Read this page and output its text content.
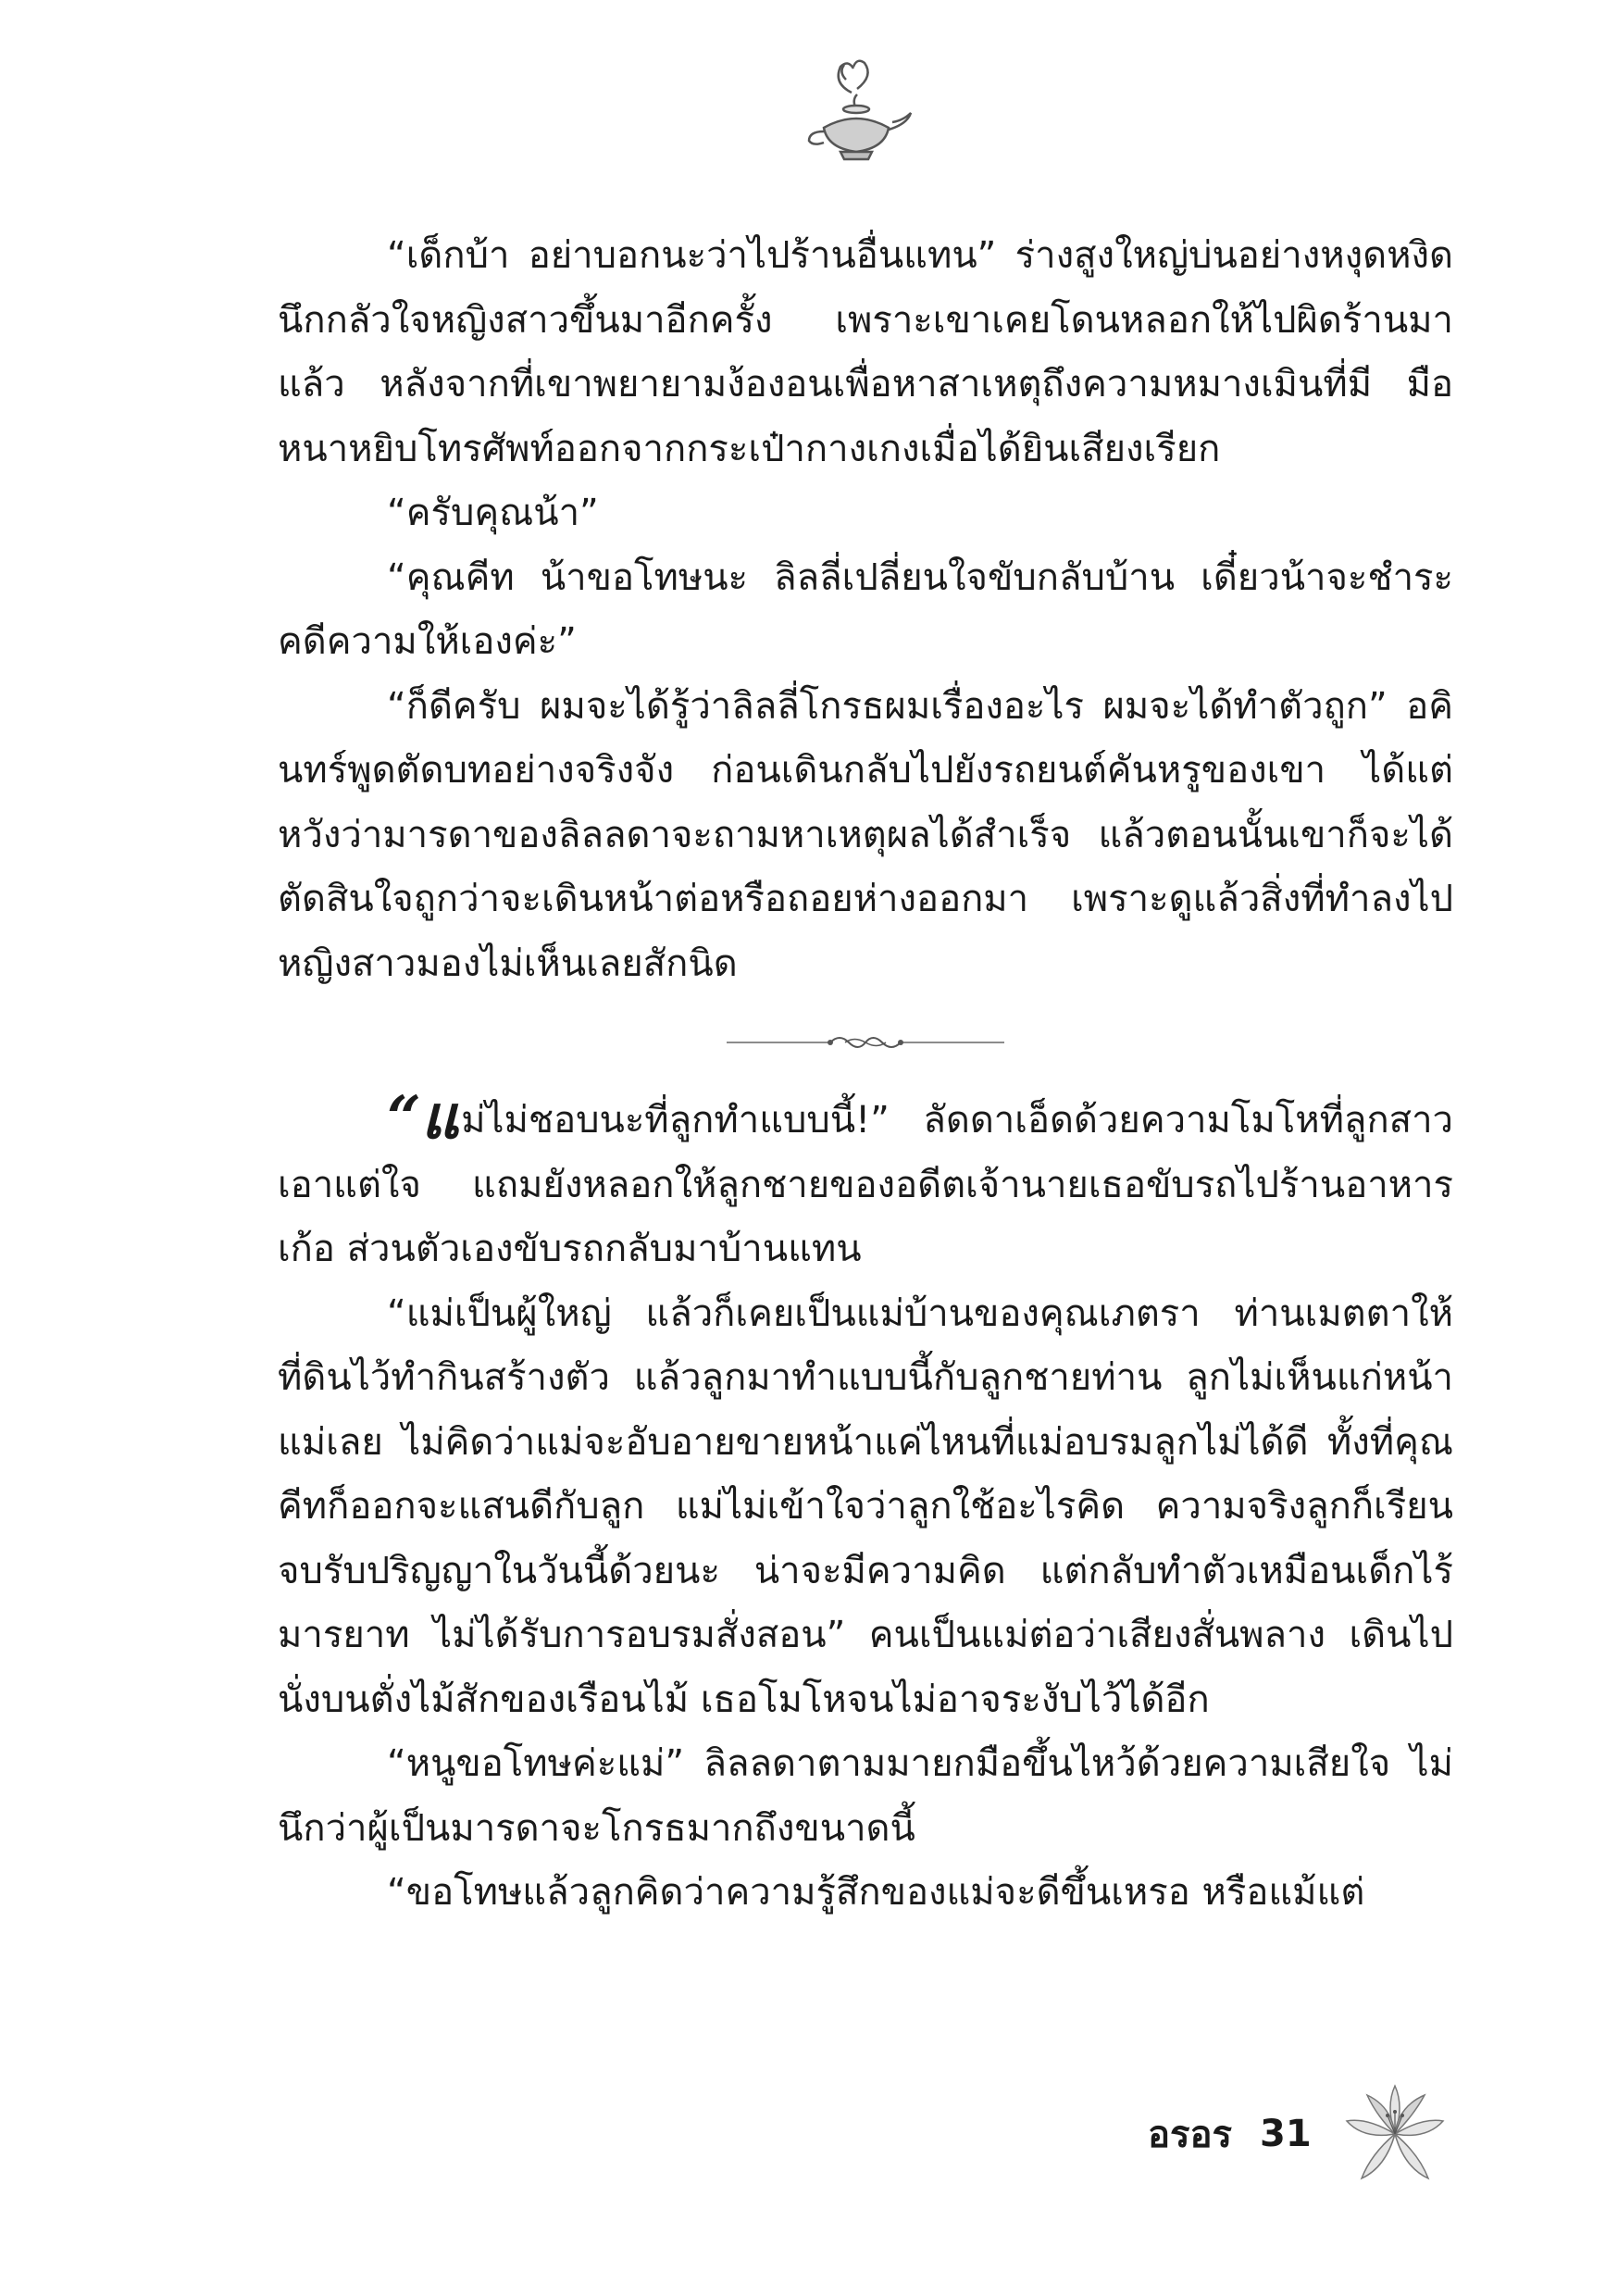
“เด็กบ้า อย่าบอกนะว่าไปร้านอื่นแทน” ร่างสูงใหญ่บ่นอย่างหงุดหงิด นึกกลัวใจหญิงสาวขึ้นมาอีกครั้ง เพราะเขาเคยโดนหลอกให้ไปผิดร้านมาแล้ว หลังจากที่เขาพยายามง้องอนเพื่อหาสาเหตุถึงความหมางเมินที่มี มือหนาหยิบโทรศัพท์ออกจากกระเป๋ากางเกงเมื่อได้ยินเสียงเรียก

“ครับคุณน้า”

“คุณคีท น้าขอโทษนะ ลิลลี่เปลี่ยนใจขับกลับบ้าน เดี๋ยวน้าจะชำระคดีความให้เองค่ะ”

“ก็ดีครับ ผมจะได้รู้ว่าลิลลี่โกรธผมเรื่องอะไร ผมจะได้ทำตัวถูก” อคินทร์พูดตัดบทอย่างจริงจัง ก่อนเดินกลับไปยังรถยนต์คันหรูของเขา ได้แต่หวังว่ามารดาของลิลลดาจะถามหาเหตุผลได้สำเร็จ แล้วตอนนั้นเขาก็จะได้ตัดสินใจถูกว่าจะเดินหน้าต่อหรือถอยห่างออกมา เพราะดูแล้วสิ่งที่ทำลงไป หญิงสาวมองไม่เห็นเลยสักนิด

“แม่ไม่ชอบนะที่ลูกทำแบบนี้!” ลัดดาเอ็ดด้วยความโมโหที่ลูกสาวเอาแต่ใจ แถมยังหลอกให้ลูกชายของอดีตเจ้านายเธอขับรถไปร้านอาหารเก้อ ส่วนตัวเองขับรถกลับมาบ้านแทน

“แม่เป็นผู้ใหญ่ แล้วก็เคยเป็นแม่บ้านของคุณเภตรา ท่านเมตตาให้ที่ดินไว้ทำกินสร้างตัว แล้วลูกมาทำแบบนี้กับลูกชายท่าน ลูกไม่เห็นแก่หน้าแม่เลย ไม่คิดว่าแม่จะอับอายขายหน้าแค่ไหนที่แม่อบรมลูกไม่ได้ดี ทั้งที่คุณคีทก็ออกจะแสนดีกับลูก แม่ไม่เข้าใจว่าลูกใช้อะไรคิด ความจริงลูกก็เรียนจบรับปริญญาในวันนี้ด้วยนะ น่าจะมีความคิด แต่กลับทำตัวเหมือนเด็กไร้มารยาท ไม่ได้รับการอบรมสั่งสอน” คนเป็นแม่ต่อว่าเสียงสั่นพลาง เดินไปนั่งบนตั่งไม้สักของเรือนไม้ เธอโมโหจนไม่อาจระงับไว้ได้อีก

“หนูขอโทษค่ะแม่” ลิลลดาตามมายกมือขึ้นไหว้ด้วยความเสียใจ ไม่นึกว่าผู้เป็นมารดาจะโกรธมากถึงขนาดนี้

“ขอโทษแล้วลูกคิดว่าความรู้สึกของแม่จะดีขึ้นเหรอ หรือแม้แต่

อรอร 31
